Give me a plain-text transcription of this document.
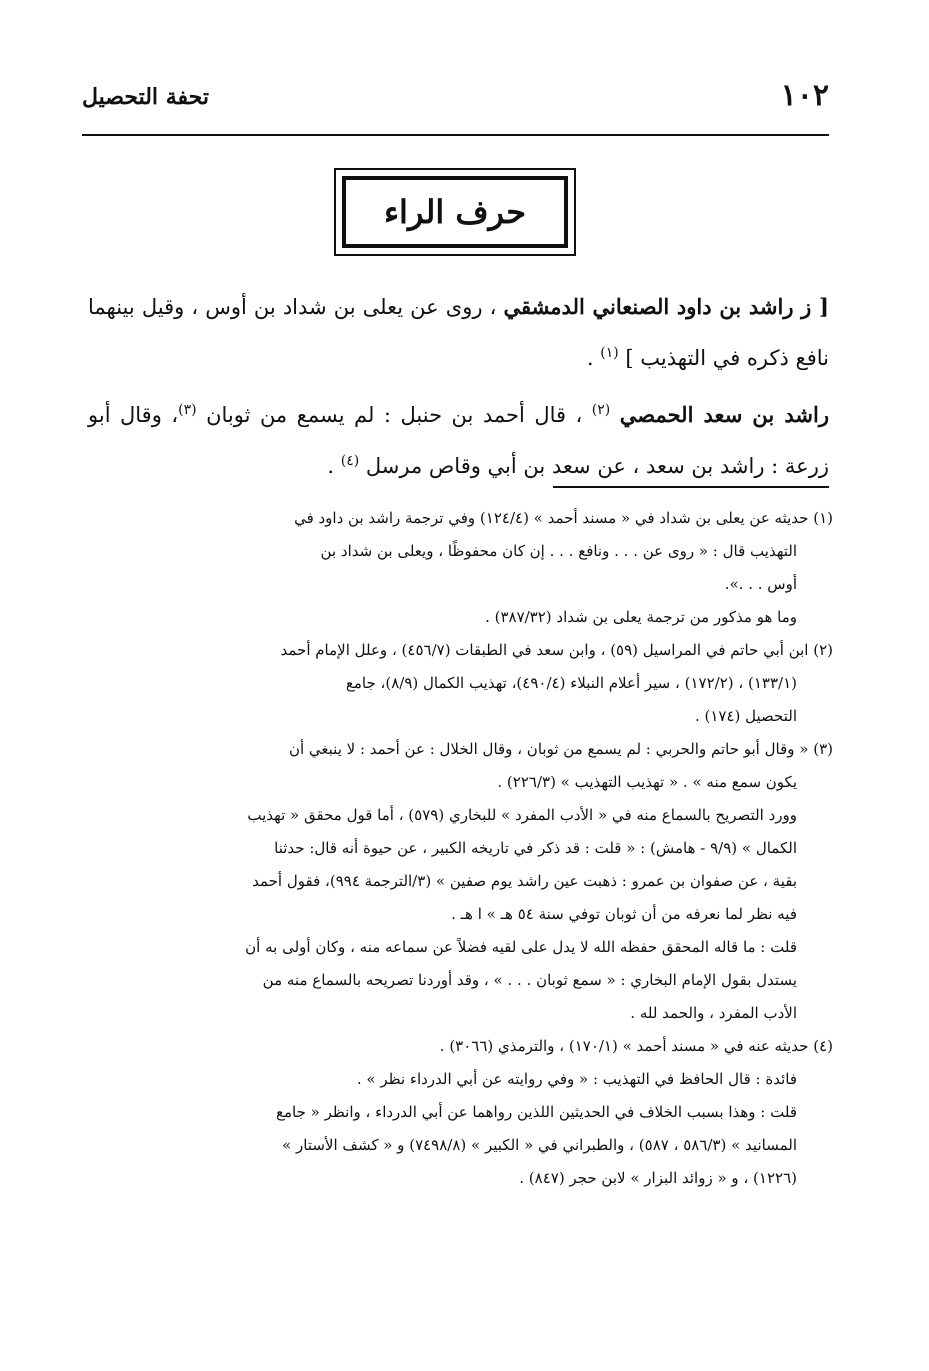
١٠٢
تحفة التحصيل
حرف الراء

[ ز راشد بن داود الصنعاني الدمشقي ، روى عن يعلى بن شداد بن أوس ، وقيل بينهما نافع ذكره في التهذيب ] $^{(١)}$ .

راشد بن سعد الحمصي $^{(٢)}$ ، قال أحمد بن حنبل : لم يسمع من ثوبان $^{(٣)}$، وقال أبو زرعة : راشد بن سعد ، عن سعد بن أبي وقاص مرسل $^{(٤)}$ .

(١) حديثه عن يعلى بن شداد في « مسند أحمد » (١٢٤/٤) وفي ترجمة راشد بن داود في
التهذيب قال : « روى عن . . . ونافع . . . إن كان محفوظًا ، ويعلى بن شداد بن
أوس . . .».
وما هو مذكور من ترجمة يعلى بن شداد (٣٨٧/٣٢) .
(٢) ابن أبي حاتم في المراسيل (٥٩) ، وابن سعد في الطبقات (٤٥٦/٧) ، وعلل الإمام أحمد
(١٣٣/١) ، (١٧٢/٢) ، سير أعلام النبلاء (٤٩٠/٤)، تهذيب الكمال (٨/٩)، جامع
التحصيل (١٧٤) .
(٣) « وقال أبو حاتم والحربي : لم يسمع من ثوبان ، وقال الخلال : عن أحمد : لا ينبغي أن
يكون سمع منه » . « تهذيب التهذيب » (٢٢٦/٣) .
وورد التصريح بالسماع منه في « الأدب المفرد » للبخاري (٥٧٩) ، أما قول محقق « تهذيب
الكمال » (٩/٩ - هامش) : « قلت : قد ذكر في تاريخه الكبير ، عن حيوة أنه قال: حدثنا
بقية ، عن صفوان بن عمرو : ذهبت عين راشد يوم صفين » (٣/الترجمة ٩٩٤)، فقول أحمد
فيه نظر لما نعرفه من أن ثوبان توفي سنة ٥٤ هـ » ا هـ .
قلت : ما قاله المحقق حفظه الله لا يدل على لقيه فضلاً عن سماعه منه ، وكان أولى به أن
يستدل بقول الإمام البخاري : « سمع ثوبان . . . » ، وقد أوردنا تصريحه بالسماع منه من
الأدب المفرد ، والحمد لله .
(٤) حديثه عنه في « مسند أحمد » (١٧٠/١) ، والترمذي (٣٠٦٦) .
فائدة : قال الحافظ في التهذيب : « وفي روايته عن أبي الدرداء نظر » .
قلت : وهذا بسبب الخلاف في الحديثين اللذين رواهما عن أبي الدرداء ، وانظر « جامع
المسانيد » (٥٨٦/٣ ، ٥٨٧) ، والطبراني في « الكبير » (٧٤٩٨/٨) و « كشف الأستار »
(١٢٢٦) ، و « زوائد البزار » لابن حجر (٨٤٧) .
